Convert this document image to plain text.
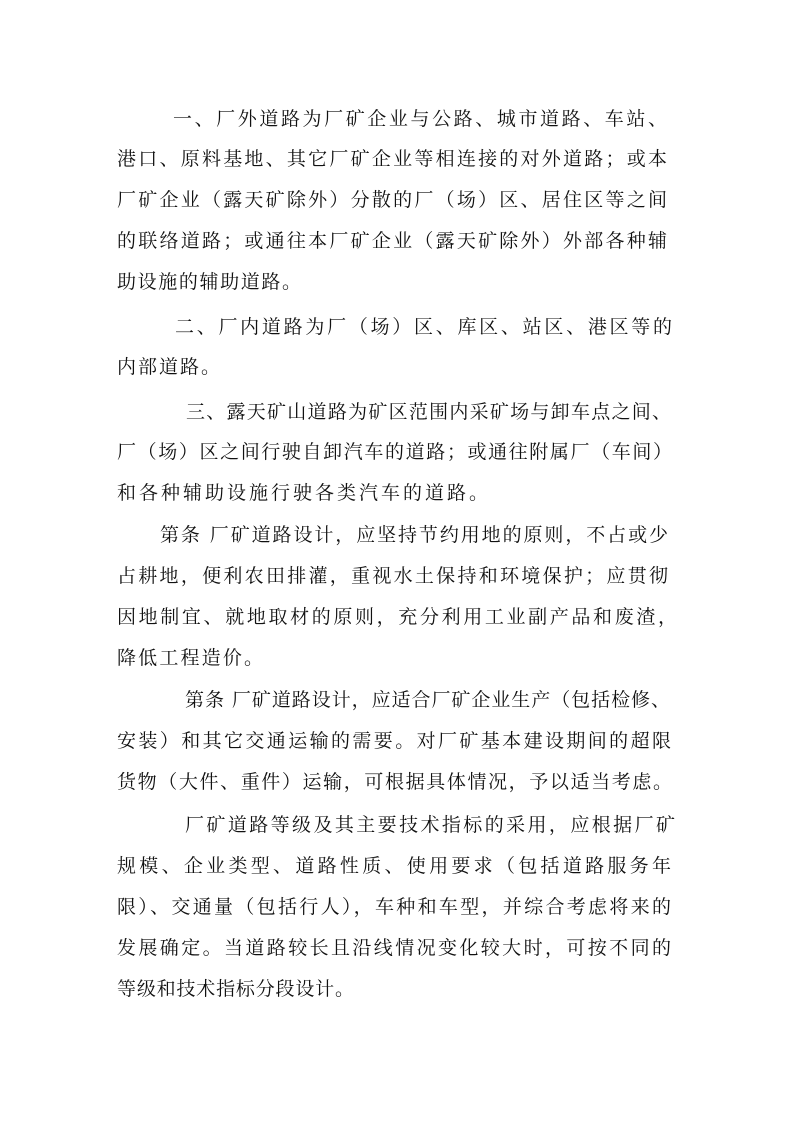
一、厂外道路为厂矿企业与公路、城市道路、车站、
港口、原料基地、其它厂矿企业等相连接的对外道路；或本
厂矿企业（露天矿除外）分散的厂（场）区、居住区等之间
的联络道路；或通往本厂矿企业（露天矿除外）外部各种辅
助设施的辅助道路。
二、厂内道路为厂（场）区、库区、站区、港区等的
内部道路。
三、露天矿山道路为矿区范围内采矿场与卸车点之间、
厂（场）区之间行驶自卸汽车的道路；或通往附属厂（车间）
和各种辅助设施行驶各类汽车的道路。
第条 厂矿道路设计，应坚持节约用地的原则，不占或少
占耕地，便利农田排灌，重视水土保持和环境保护；应贯彻
因地制宜、就地取材的原则，充分利用工业副产品和废渣，
降低工程造价。
第条 厂矿道路设计，应适合厂矿企业生产（包括检修、
安装）和其它交通运输的需要。对厂矿基本建设期间的超限
货物（大件、重件）运输，可根据具体情况，予以适当考虑。
厂矿道路等级及其主要技术指标的采用，应根据厂矿
规模、企业类型、道路性质、使用要求（包括道路服务年
限）、交通量（包括行人），车种和车型，并综合考虑将来的
发展确定。当道路较长且沿线情况变化较大时，可按不同的
等级和技术指标分段设计。
